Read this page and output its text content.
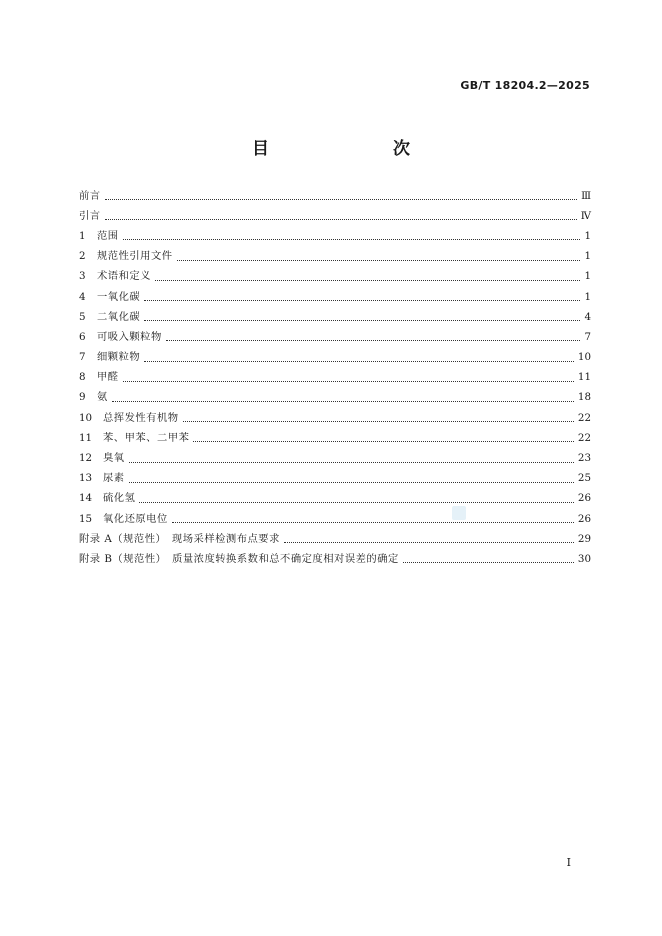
GB/T 18204.2—2025
目　　次
前言	Ⅲ
引言	Ⅳ
1	范围	1
2	规范性引用文件	1
3	术语和定义	1
4	一氧化碳	1
5	二氧化碳	4
6	可吸入颗粒物	7
7	细颗粒物	10
8	甲醛	11
9	氨	18
10	总挥发性有机物	22
11	苯、甲苯、二甲苯	22
12	臭氧	23
13	尿素	25
14	硫化氢	26
15	氧化还原电位	26
附录 A（规范性）　现场采样检测布点要求	29
附录 B（规范性）　质量浓度转换系数和总不确定度相对误差的确定	30
Ⅰ
